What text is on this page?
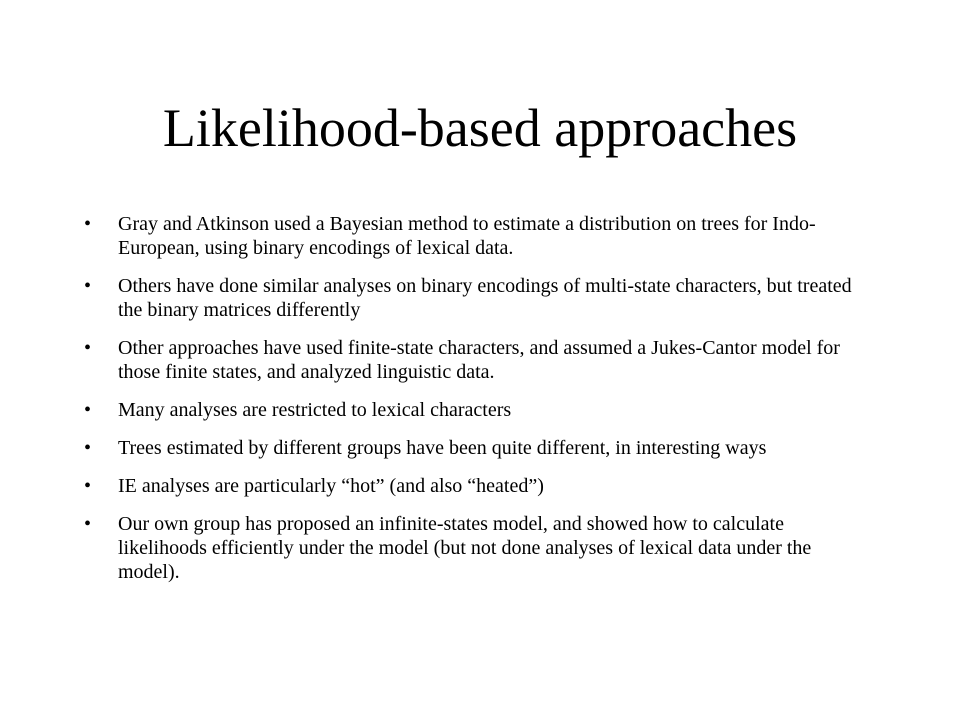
Likelihood-based approaches
•	Gray and Atkinson used a Bayesian method to estimate a distribution on trees for Indo-European, using binary encodings of lexical data.
•	Others have done similar analyses on binary encodings of multi-state characters, but treated the binary matrices differently
•	Other approaches have used finite-state characters, and assumed a Jukes-Cantor model for those finite states, and analyzed linguistic data.
•	Many analyses are restricted to lexical characters
•	Trees estimated by different groups have been quite different, in interesting ways
•	IE analyses are particularly “hot” (and also “heated”)
•	Our own group has proposed an infinite-states model, and showed how to calculate likelihoods efficiently under the model (but not done analyses of lexical data under the model).
